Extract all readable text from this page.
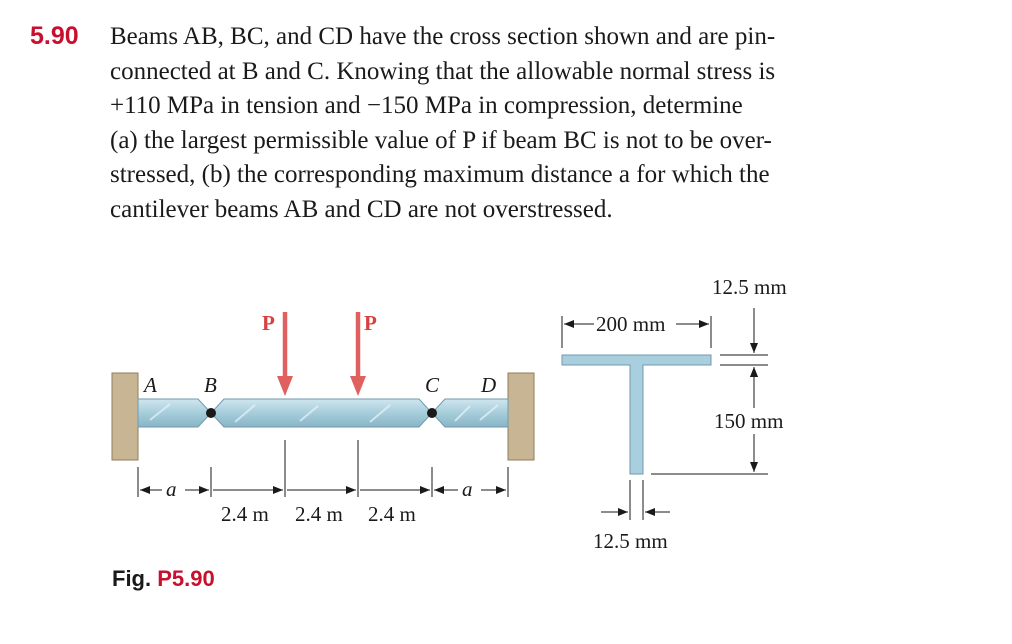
5.90 Beams AB, BC, and CD have the cross section shown and are pin-
connected at B and C. Knowing that the allowable normal stress is
+110 MPa in tension and −150 MPa in compression, determine
(a) the largest permissible value of P if beam BC is not to be over-
stressed, (b) the corresponding maximum distance a for which the
cantilever beams AB and CD are not overstressed.
A B	C D
P	P
a	a
2.4 m 2.4 m 2.4 m
200 mm
12.5 mm
150 mm
12.5 mm
Fig. P5.90
